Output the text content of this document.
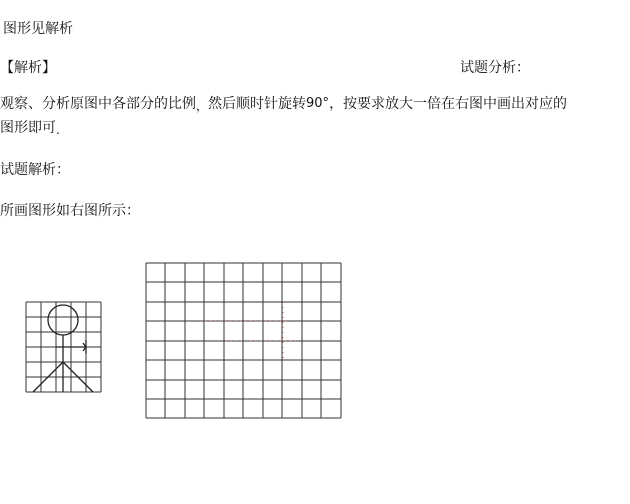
图形见解析
【解析】	试题分析：
观察、分析原图中各部分的比例，然后顺时针旋转90°，按要求放大一倍在右图中画出对应的
图形即可.
试题解析：
所画图形如右图所示：
